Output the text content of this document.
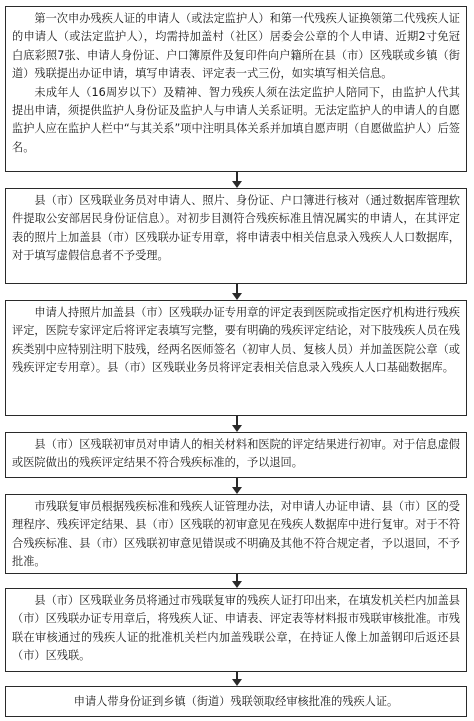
第一次申办残疾人证的申请人（或法定监护人）和第一代残疾人证换领第二代残疾人证的申请人（或法定监护人），均需持加盖村（社区）居委会公章的个人申请、近期2寸免冠白底彩照7张、申请人身份证、户口簿原件及复印件向户籍所在县（市）区残联或乡镇（街道）残联提出办证申请，填写申请表、评定表一式三份，如实填写相关信息。

未成年人（16周岁以下）及精神、智力残疾人须在法定监护人陪同下，由监护人代其提出申请，须提供监护人身份证及监护人与申请人关系证明。无法定监护人的申请人的自愿监护人应在监护人栏中“与其关系”项中注明具体关系并加填自愿声明（自愿做监护人）后签名。

县（市）区残联业务员对申请人、照片、身份证、户口簿进行核对（通过数据库管理软件提取公安部居民身份证信息）。对初步目测符合残疾标准且情况属实的申请人，在其评定表的照片上加盖县（市）区残联办证专用章，将申请表中相关信息录入残疾人人口数据库，对于填写虚假信息者不予受理。

申请人持照片加盖县（市）区残联办证专用章的评定表到医院或指定医疗机构进行残疾评定，医院专家评定后将评定表填写完整，要有明确的残疾评定结论，对下肢残疾人员在残疾类别中应特别注明下肢残，经两名医师签名（初审人员、复核人员）并加盖医院公章（或残疾评定专用章）。县（市）区残联业务员将评定表相关信息录入残疾人人口基础数据库。

县（市）区残联初审员对申请人的相关材料和医院的评定结果进行初审。对于信息虚假或医院做出的残疾评定结果不符合残疾标准的，予以退回。

市残联复审员根据残疾标准和残疾人证管理办法，对申请人办证申请、县（市）区的受理程序、残疾评定结果、县（市）区残联的初审意见在残疾人数据库中进行复审。对于不符合残疾标准、县（市）区残联初审意见错误或不明确及其他不符合规定者，予以退回，不予批准。

县（市）区残联业务员将通过市残联复审的残疾人证打印出来，在填发机关栏内加盖县（市）区残联办证专用章后，将残疾人证、申请表、评定表等材料报市残联审核批准。市残联在审核通过的残疾人证的批准机关栏内加盖残联公章，在持证人像上加盖钢印后返还县（市）区残联。

申请人带身份证到乡镇（街道）残联领取经审核批准的残疾人证。
